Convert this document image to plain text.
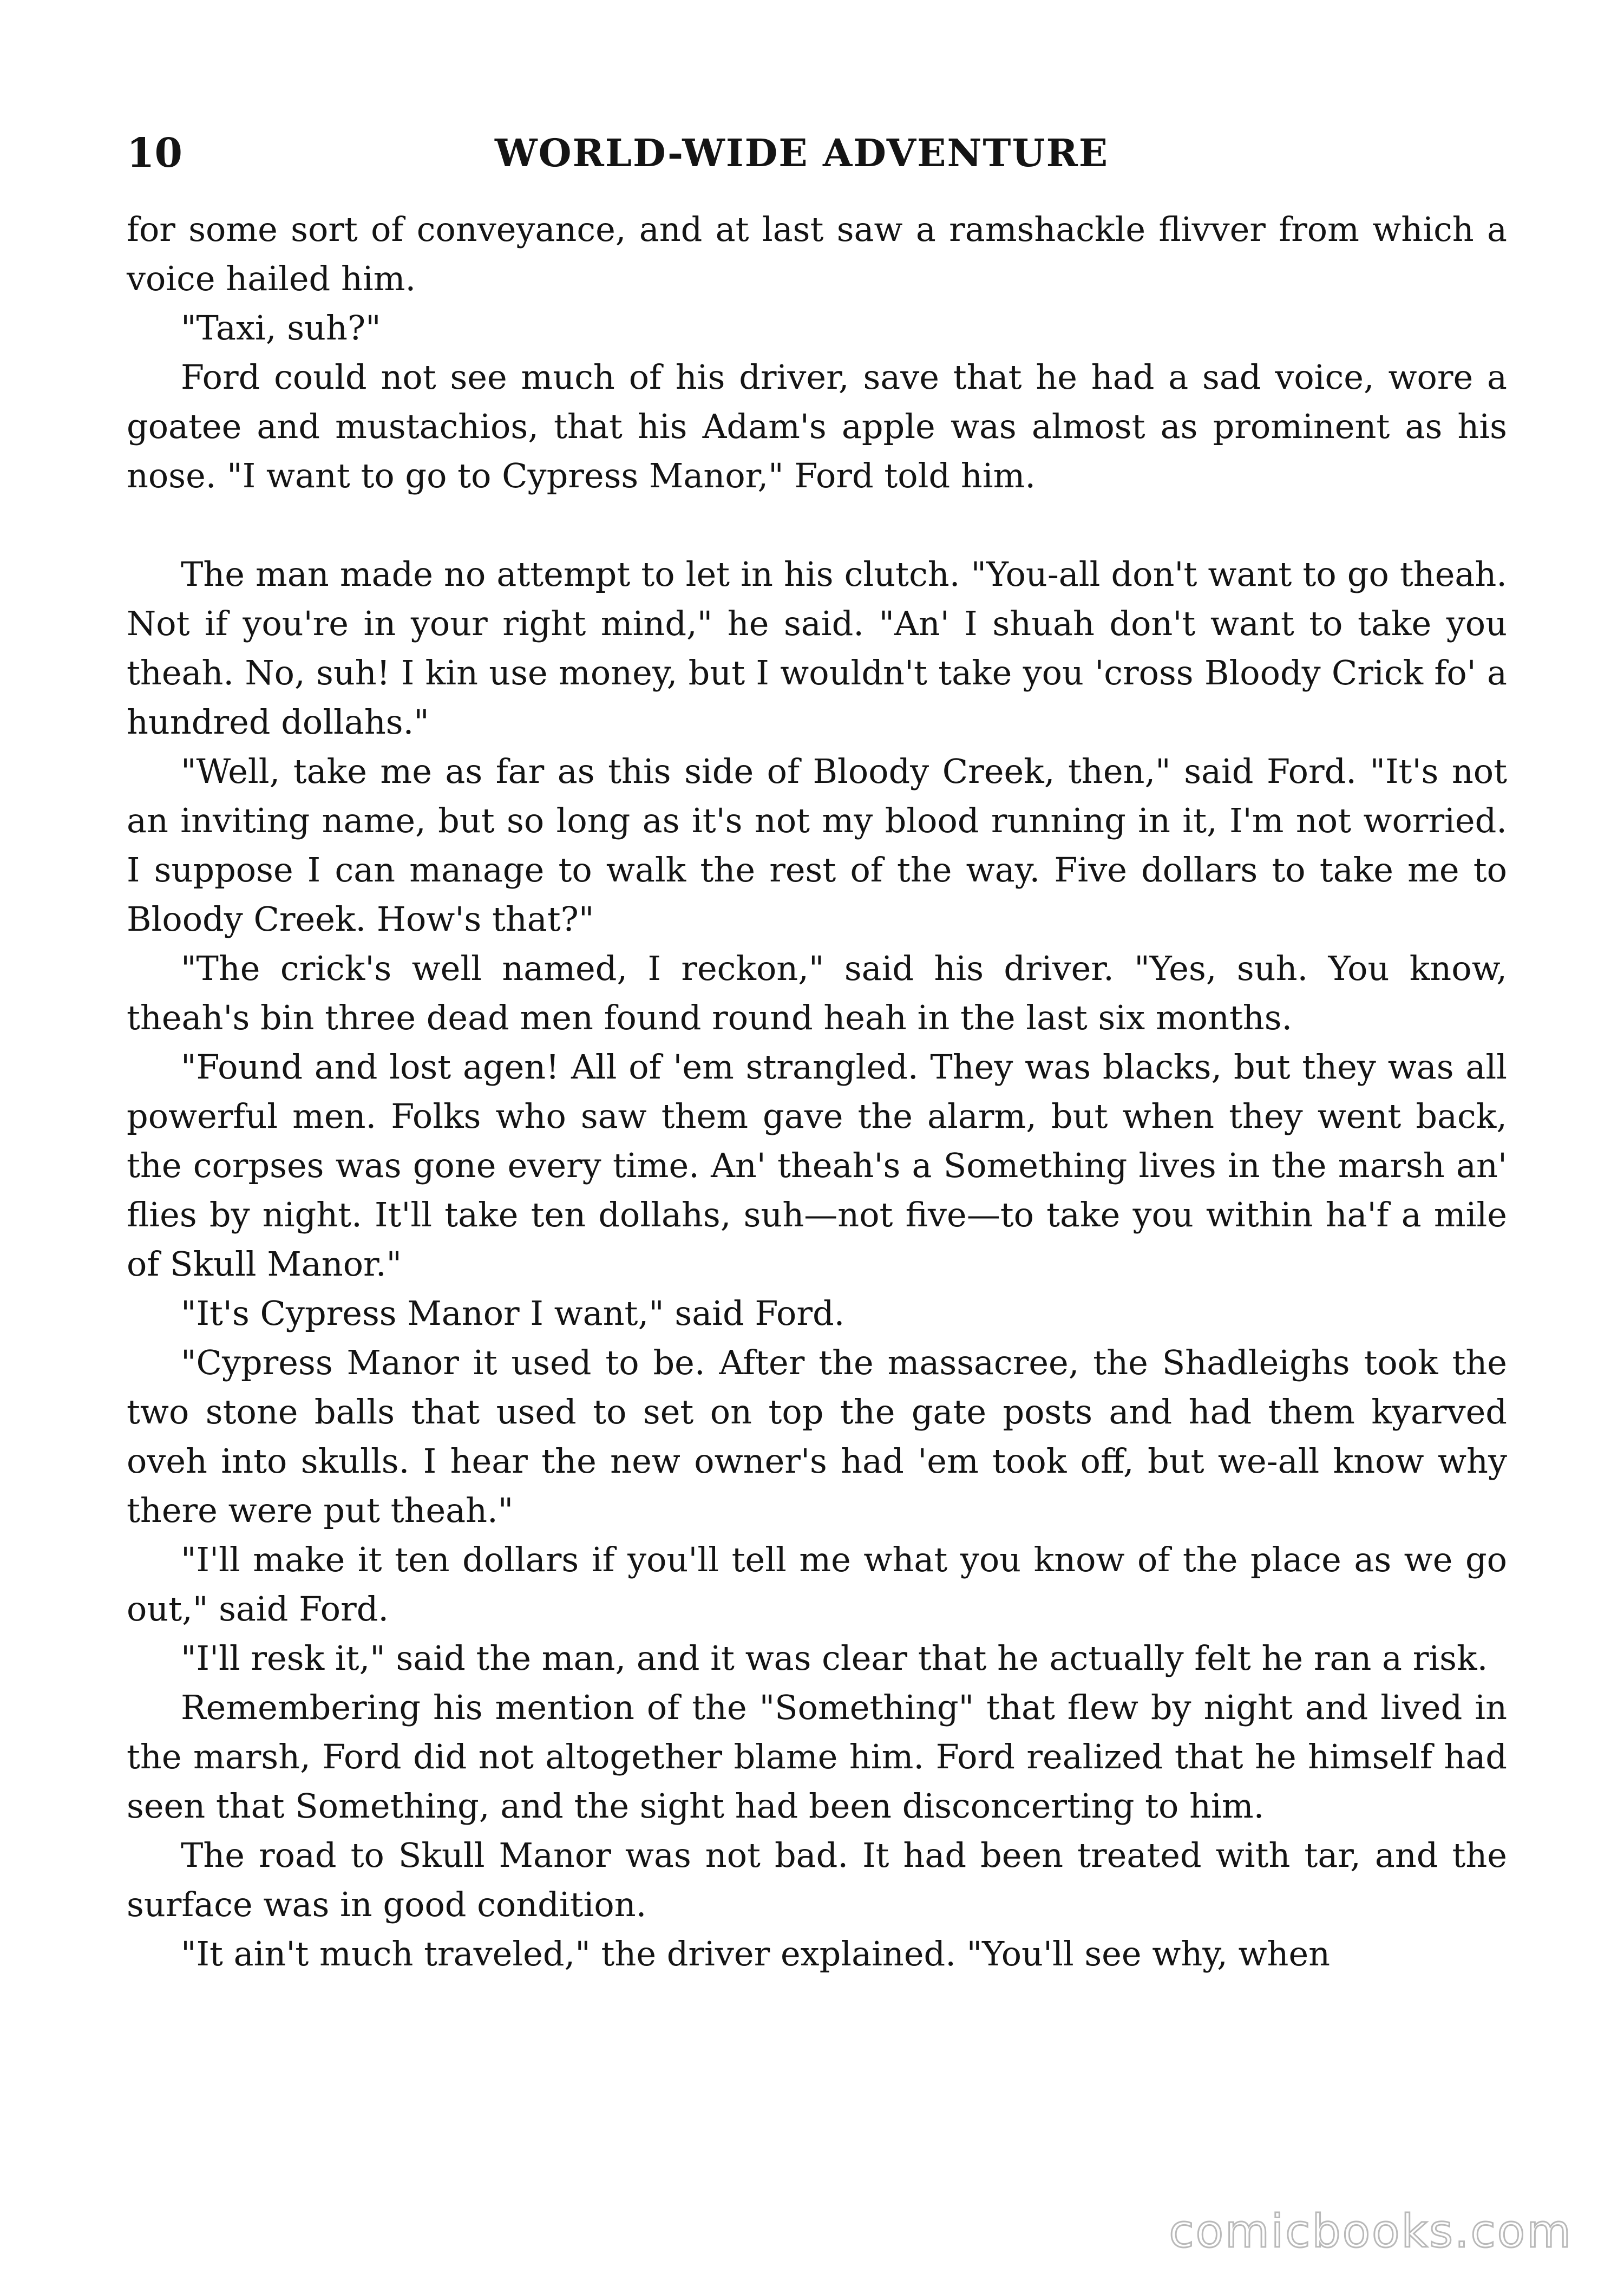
10	WORLD-WIDE ADVENTURE

for some sort of conveyance, and at last saw a ramshackle flivver from which a voice hailed him.

"Taxi, suh?"

Ford could not see much of his driver, save that he had a sad voice, wore a goatee and mustachios, that his Adam's apple was almost as prominent as his nose. "I want to go to Cypress Manor," Ford told him.

The man made no attempt to let in his clutch. "You-all don't want to go theah. Not if you're in your right mind," he said. "An' I shuah don't want to take you theah. No, suh! I kin use money, but I wouldn't take you 'cross Bloody Crick fo' a hundred dollahs."

"Well, take me as far as this side of Bloody Creek, then," said Ford. "It's not an inviting name, but so long as it's not my blood running in it, I'm not worried. I suppose I can manage to walk the rest of the way. Five dollars to take me to Bloody Creek. How's that?"

"The crick's well named, I reckon," said his driver. "Yes, suh. You know, theah's bin three dead men found round heah in the last six months.

"Found and lost agen! All of 'em strangled. They was blacks, but they was all powerful men. Folks who saw them gave the alarm, but when they went back, the corpses was gone every time. An' theah's a Something lives in the marsh an' flies by night. It'll take ten dollahs, suh—not five—to take you within ha'f a mile of Skull Manor."

"It's Cypress Manor I want," said Ford.

"Cypress Manor it used to be. After the massacree, the Shadleighs took the two stone balls that used to set on top the gate posts and had them kyarved oveh into skulls. I hear the new owner's had 'em took off, but we-all know why there were put theah."

"I'll make it ten dollars if you'll tell me what you know of the place as we go out," said Ford.

"I'll resk it," said the man, and it was clear that he actually felt he ran a risk.

Remembering his mention of the "Something" that flew by night and lived in the marsh, Ford did not altogether blame him. Ford realized that he himself had seen that Something, and the sight had been disconcerting to him.

The road to Skull Manor was not bad. It had been treated with tar, and the surface was in good condition.

"It ain't much traveled," the driver explained. "You'll see why, when

comicbooks.com
